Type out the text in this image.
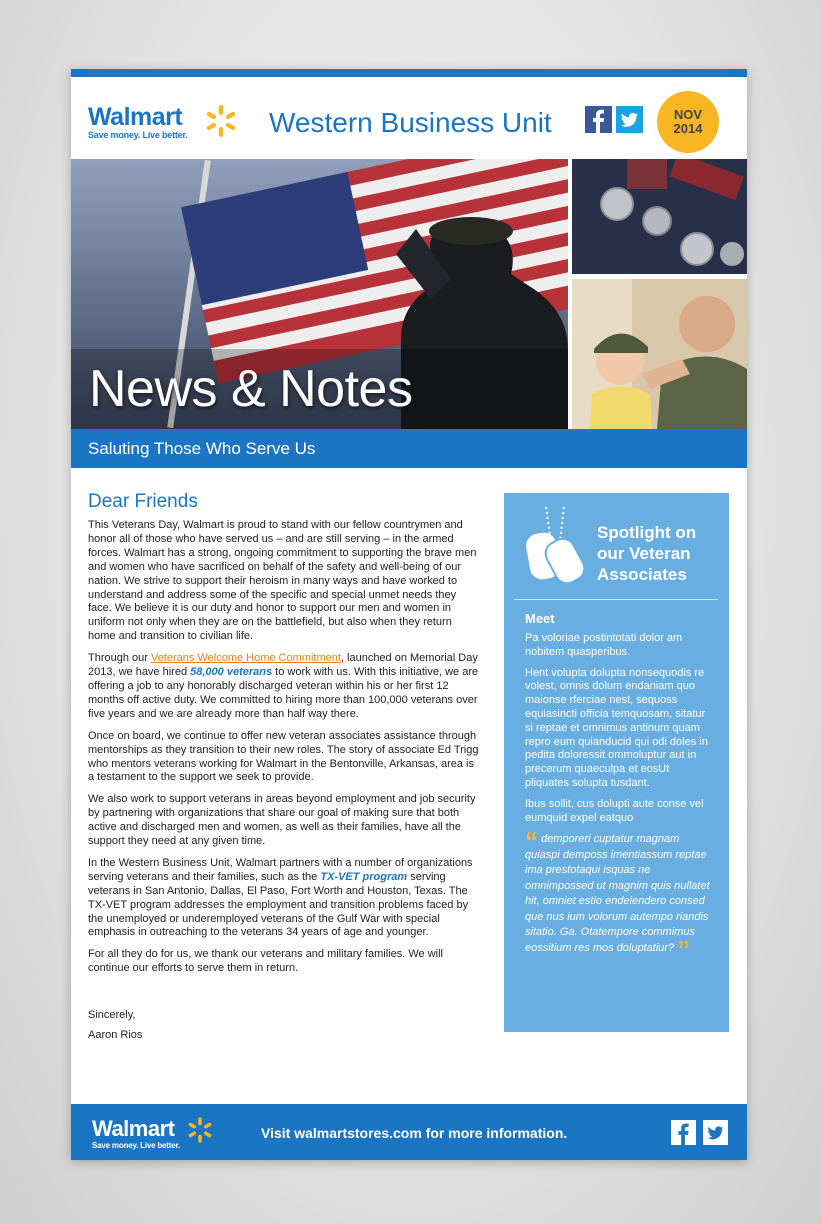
Walmart
Save money. Live better.	Western Business Unit	NOV
2014
News & Notes
Saluting Those Who Serve Us
Dear Friends

This Veterans Day, Walmart is proud to stand with our fellow countrymen and honor all of those who have served us – and are still serving – in the armed forces. Walmart has a strong, ongoing commitment to supporting the brave men and women who have sacrificed on behalf of the safety and well-being of our nation. We strive to support their heroism in many ways and have worked to understand and address some of the specific and special unmet needs they face. We believe it is our duty and honor to support our men and women in uniform not only when they are on the battlefield, but also when they return home and transition to civilian life.

Through our Veterans Welcome Home Commitment, launched on Memorial Day 2013, we have hired 58,000 veterans to work with us. With this initiative, we are offering a job to any honorably discharged veteran within his or her first 12 months off active duty. We committed to hiring more than 100,000 veterans over five years and we are already more than half way there.

Once on board, we continue to offer new veteran associates assistance through mentorships as they transition to their new roles. The story of associate Ed Trigg who mentors veterans working for Walmart in the Bentonville, Arkansas, area is a testament to the support we seek to provide.

We also work to support veterans in areas beyond employment and job security by partnering with organizations that share our goal of making sure that both active and discharged men and women, as well as their families, have all the support they need at any given time.

In the Western Business Unit, Walmart partners with a number of organizations serving veterans and their families, such as the TX-VET program serving veterans in San Antonio, Dallas, El Paso, Fort Worth and Houston, Texas. The TX-VET program addresses the employment and transition problems faced by the unemployed or underemployed veterans of the Gulf War with special emphasis in outreaching to the veterans 34 years of age and younger.

For all they do for us, we thank our veterans and military families. We will continue our efforts to serve them in return.

Sincerely,
Aaron Rios
Spotlight on
our Veteran
Associates
Meet

Pa voloriae postintotati dolor am nobitem quasperibus.

Hent volupta dolupta nonsequodis re volest, omnis dolum endaniam quo maionse rferciae nest, sequoss equiasincti officia temquosam, sitatur si reptae et omnimus antinum quam repro eum quianducid qui odi doles in pedita doloressit ommoluptur aut in precerum quaeculpa et eosUt pliquates solupta tusdant.

Ibus sollit, cus dolupti aute conse vel eumquid expel eatquo

“ demporeri cuptatur magnam quiaspi demposs imentiassum reptae ima prestotaqui isquas ne omnimpossed ut magnim quis nullatet hit, omniet estio endelendero consed que nus ium volorum autempo riandis sitatio. Ga. Otatempore commimus eossitium res mos doluptatiur? ”

Walmart
Save money. Live better.
Visit walmartstores.com for more information.
